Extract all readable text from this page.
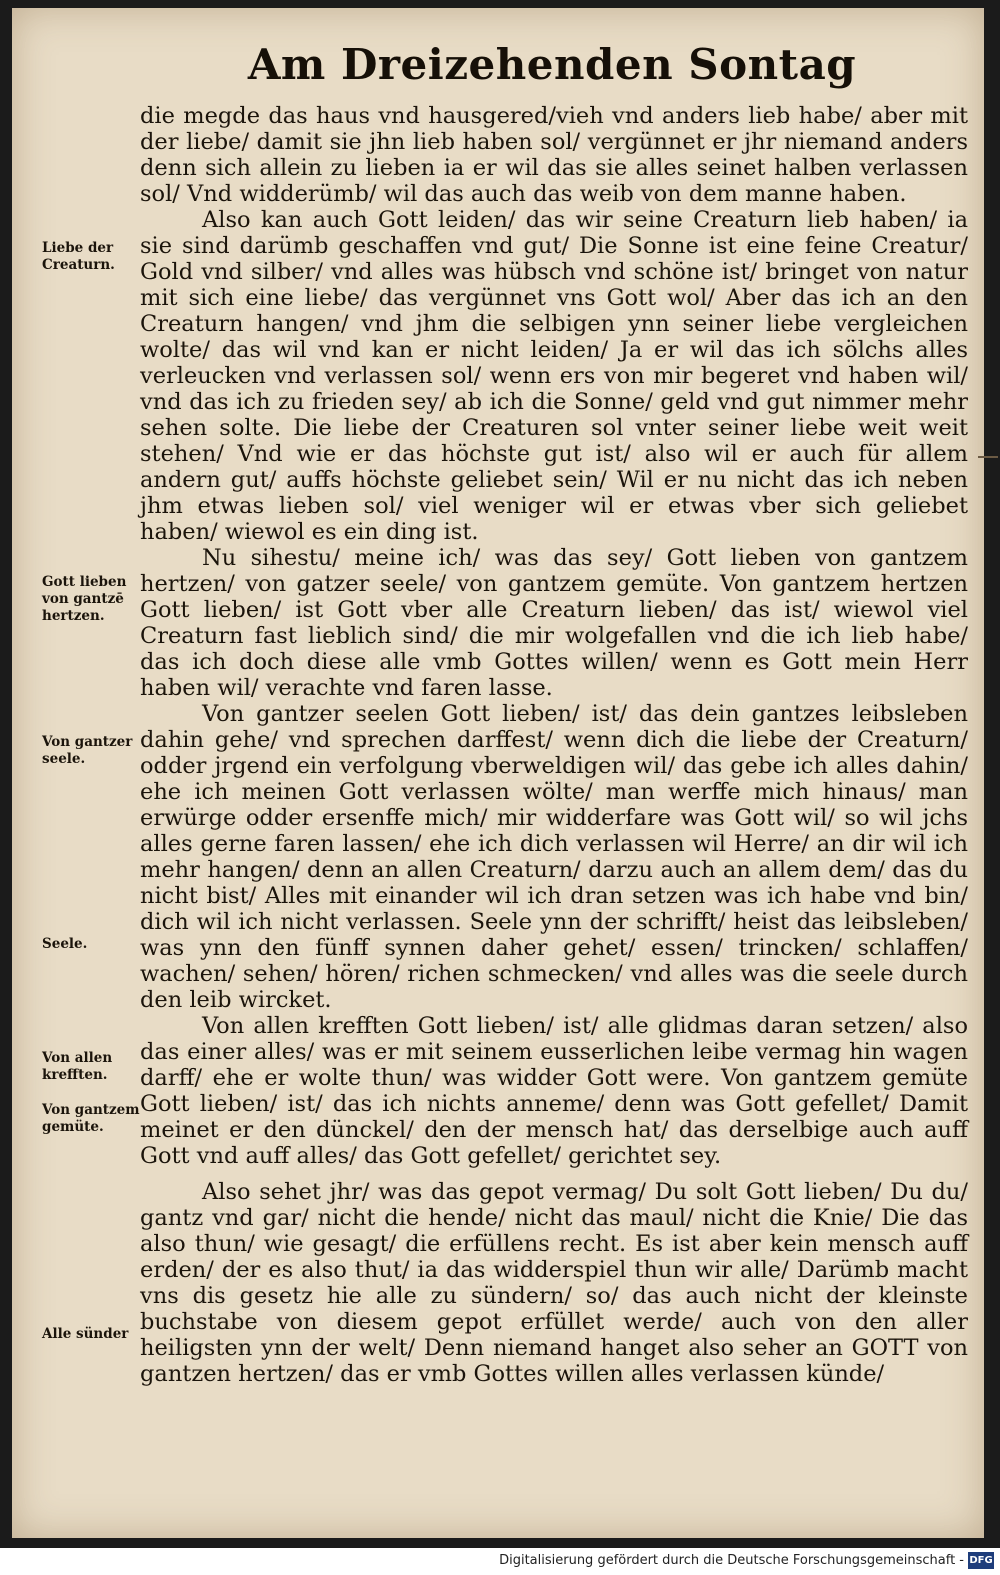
Am Dreizehenden Sontag
Liebe der Creaturn.
Gott lieben von gantzē hertzen.
Von gantzer seele.
Seele.
Von allen krefften.
Von gantzem gemüte.
Alle sünder

die megde das haus vnd hausgered/vieh vnd anders lieb habe/ aber mit der liebe/ damit sie jhn lieb haben sol/ vergünnet er jhr niemand anders denn sich allein zu lieben ia er wil das sie alles seinet halben verlassen sol/ Vnd widderümb/ wil das auch das weib von dem manne haben.

Also kan auch Gott leiden/ das wir seine Creaturn lieb haben/ ia sie sind darümb geschaffen vnd gut/ Die Sonne ist eine feine Creatur/ Gold vnd silber/ vnd alles was hübsch vnd schöne ist/ bringet von natur mit sich eine liebe/ das vergünnet vns Gott wol/ Aber das ich an den Creaturn hangen/ vnd jhm die selbigen ynn seiner liebe vergleichen wolte/ das wil vnd kan er nicht leiden/ Ja er wil das ich sölchs alles verleucken vnd verlassen sol/ wenn ers von mir begeret vnd haben wil/ vnd das ich zu frieden sey/ ab ich die Sonne/ geld vnd gut nimmer mehr sehen solte. Die liebe der Creaturen sol vnter seiner liebe weit weit stehen/ Vnd wie er das höchste gut ist/ also wil er auch für allem andern gut/ auffs höchste geliebet sein/ Wil er nu nicht das ich neben jhm etwas lieben sol/ viel weniger wil er etwas vber sich geliebet haben/ wiewol es ein ding ist.

Nu sihestu/ meine ich/ was das sey/ Gott lieben von gantzem hertzen/ von gatzer seele/ von gantzem gemüte. Von gantzem hertzen Gott lieben/ ist Gott vber alle Creaturn lieben/ das ist/ wiewol viel Creaturn fast lieblich sind/ die mir wolgefallen vnd die ich lieb habe/ das ich doch diese alle vmb Gottes willen/ wenn es Gott mein Herr haben wil/ verachte vnd faren lasse.

Von gantzer seelen Gott lieben/ ist/ das dein gantzes leibsleben dahin gehe/ vnd sprechen darffest/ wenn dich die liebe der Creaturn/ odder jrgend ein verfolgung vberweldigen wil/ das gebe ich alles dahin/ ehe ich meinen Gott verlassen wölte/ man werffe mich hinaus/ man erwürge odder ersenffe mich/ mir widderfare was Gott wil/ so wil jchs alles gerne faren lassen/ ehe ich dich verlassen wil Herre/ an dir wil ich mehr hangen/ denn an allen Creaturn/ darzu auch an allem dem/ das du nicht bist/ Alles mit einander wil ich dran setzen was ich habe vnd bin/ dich wil ich nicht verlassen. Seele ynn der schrifft/ heist das leibsleben/ was ynn den fünff synnen daher gehet/ essen/ trincken/ schlaffen/ wachen/ sehen/ hören/ richen schmecken/ vnd alles was die seele durch den leib wircket.

Von allen krefften Gott lieben/ ist/ alle glidmas daran setzen/ also das einer alles/ was er mit seinem eusserlichen leibe vermag hin wagen darff/ ehe er wolte thun/ was widder Gott were. Von gantzem gemüte Gott lieben/ ist/ das ich nichts anneme/ denn was Gott gefellet/ Damit meinet er den dünckel/ den der mensch hat/ das derselbige auch auff Gott vnd auff alles/ das Gott gefellet/ gerichtet sey.

Also sehet jhr/ was das gepot vermag/ Du solt Gott lieben/ Du du/ gantz vnd gar/ nicht die hende/ nicht das maul/ nicht die Knie/ Die das also thun/ wie gesagt/ die erfüllens recht. Es ist aber kein mensch auff erden/ der es also thut/ ia das widderspiel thun wir alle/ Darümb macht vns dis gesetz hie alle zu sündern/ so/ das auch nicht der kleinste buchstabe von diesem gepot erfüllet werde/ auch von den aller heiligsten ynn der welt/ Denn niemand hanget also seher an GOTT von gantzen hertzen/ das er vmb Gottes willen alles verlassen künde/

Digitalisierung gefördert durch die Deutsche Forschungsgemeinschaft - DFG
